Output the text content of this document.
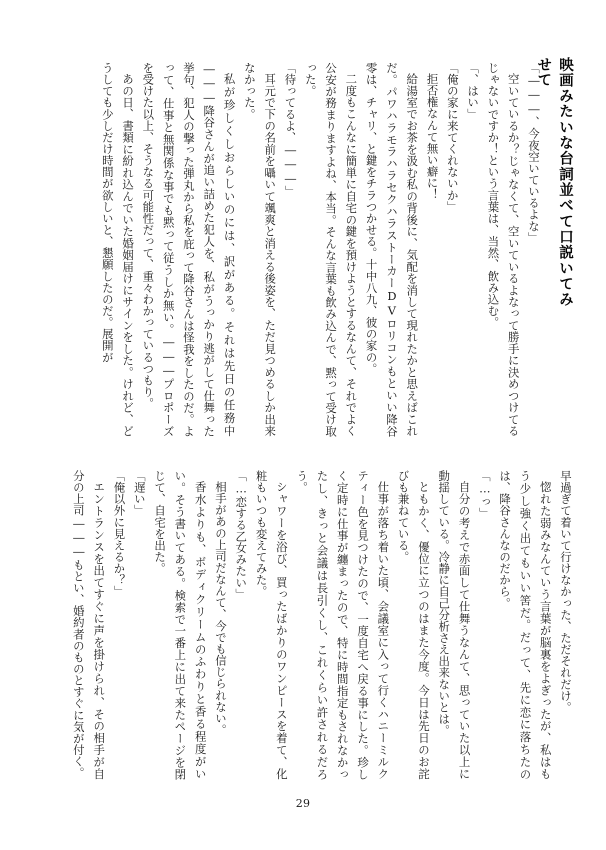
映画みたいな台詞並べて口説いてみせて

「―――、今夜空いているよな」

空いているか？じゃなくて、空いているよなって勝手に決めつけてるじゃないですか！という言葉は、当然、飲み込む。

「、はい」

「俺の家に来てくれないか」

拒否権なんて無い癖に！

給湯室でお茶を汲む私の背後に、気配を消して現れたかと思えばこれだ。パワハラモラハラセクハラストーカーDVロリコンもといい降谷零は、チャリ、と鍵をチラつかせる。十中八九、彼の家の。

二度もこんなに簡単に自宅の鍵を預けようとするなんて、それでよく公安が務まりますよね、本当。そんな言葉も飲み込んで、黙って受け取った。

「待ってるよ、―――」

耳元で下の名前を囁いて颯爽と消える後姿を、ただ見つめるしか出来なかった。

私が珍しくしおらしいのには、訳がある。それは先日の任務中―――降谷さんが追い詰めた犯人を、私がうっかり逃がして仕舞った挙句、犯人の撃った弾丸から私を庇って降谷さんは怪我をしたのだ。よって、仕事と無関係な事でも黙って従うしか無い。―――プロポーズを受けた以上、そうなる可能性だって、重々わかっているつもり。

あの日、書類に紛れ込んでいた婚姻届けにサインをした。けれど、どうしても少しだけ時間が欲しいと、懇願したのだ。展開が

早過ぎて着いて行けなかった、ただそれだけ。

惚れた弱みなんていう言葉が脳裏をよぎったが、私はもう少し強く出てもいい筈だ。だって、先に恋に落ちたのは、降谷さんなのだから。

「…っ」

自分の考えで赤面して仕舞うなんて、思っていた以上に動揺している。冷静に自己分析さえ出来ないとは。

ともかく、優位に立つのはまた今度。今日は先日のお詫びも兼ねている。

仕事が落ち着いた頃、会議室に入って行くハニーミルクティー色を見つけたので、一度自宅へ戻る事にした。珍しく定時に仕事が纏まったので、特に時間指定もされなかったし、きっと会議は長引くし、これくらい許されるだろう。

シャワーを浴び、買ったばかりのワンピースを着て、化粧もいつも変えてみた。

「…恋する乙女みたい」

相手があの上司だなんて、今でも信じられない。

香水よりも、ボディクリームのふわりと香る程度がいい。そう書いてある。検索で一番上に出て来たページを閉じて、自宅を出た。

「遅い」

「俺以外に見えるか？」

エントランスを出てすぐに声を掛けられ、その相手が自分の上司―――もとい、婚約者のものとすぐに気が付く。

29
